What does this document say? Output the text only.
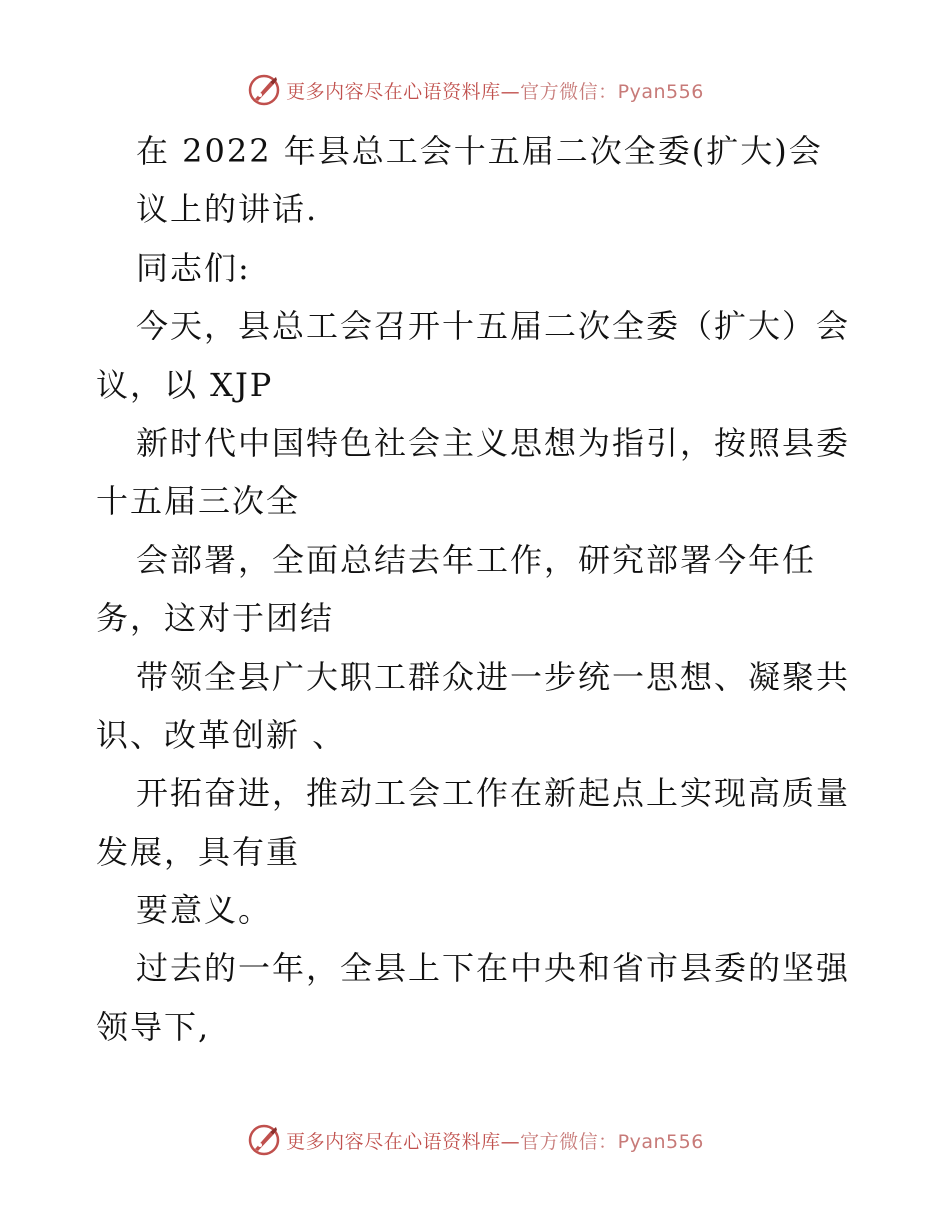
更多内容尽在心语资料库—官方微信：Pyan556
在 2022 年县总工会十五届二次全委(扩大)会
议上的讲话.
同志们:
今天，县总工会召开十五届二次全委（扩大）会
议，以 XJP
新时代中国特色社会主义思想为指引，按照县委
十五届三次全
会部署，全面总结去年工作，研究部署今年任
务，这对于团结
带领全县广大职工群众进一步统一思想、凝聚共
识、改革创新 、
开拓奋进，推动工会工作在新起点上实现高质量
发展，具有重
要意义。
过去的一年，全县上下在中央和省市县委的坚强
领导下,
更多内容尽在心语资料库—官方微信：Pyan556
